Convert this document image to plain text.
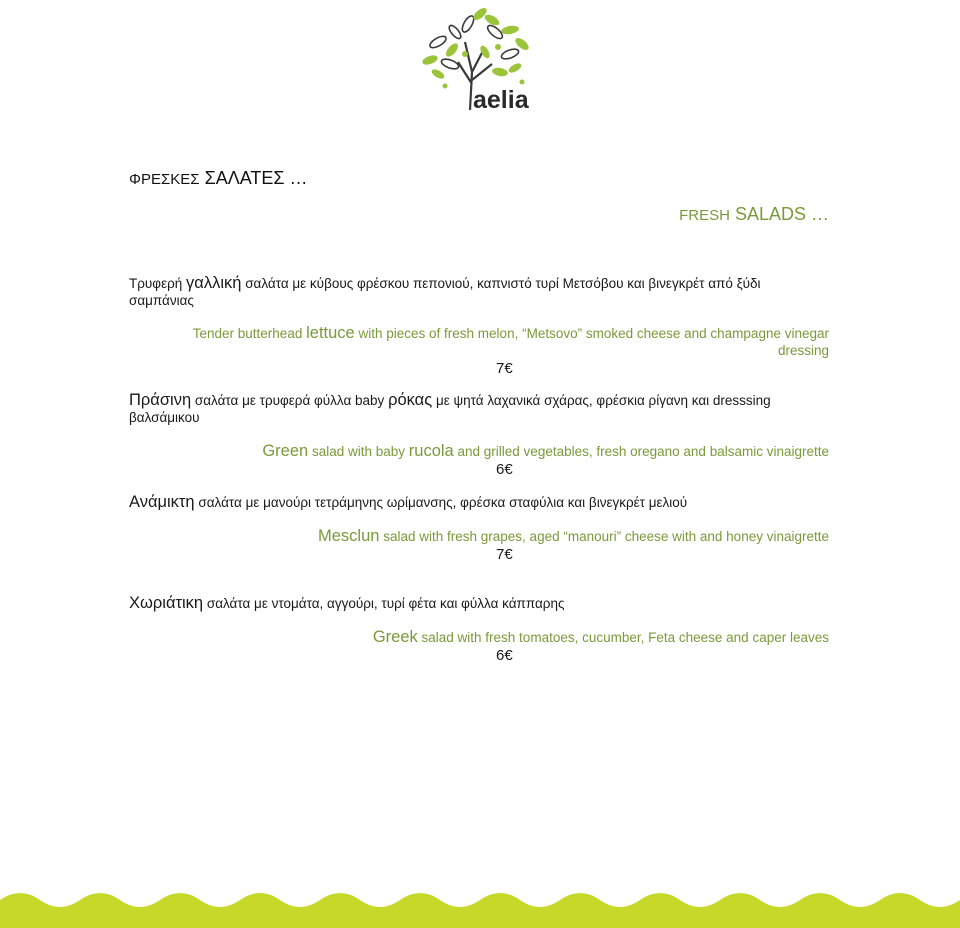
aelia
ΦΡΕΣΚΕΣ ΣΑΛΑΤΕΣ …
FRESH SALADS …
Τρυφερή γαλλική σαλάτα με κύβους φρέσκου πεπονιού, καπνιστό τυρί Μετσόβου και βινεγκρέτ από ξύδι σαμπάνιας
Tender butterhead lettuce with pieces of fresh melon, “Metsovo” smoked cheese and champagne vinegar dressing
7€
Πράσινη σαλάτα με τρυφερά φύλλα baby ρόκας με ψητά λαχανικά σχάρας, φρέσκια ρίγανη και dresssing βαλσάμικου
Green salad with baby rucola and grilled vegetables, fresh oregano and balsamic vinaigrette
6€
Ανάμικτη σαλάτα με μανούρι τετράμηνης ωρίμανσης, φρέσκα σταφύλια και βινεγκρέτ μελιού
Mesclun salad with fresh grapes, aged “manouri” cheese with and honey vinaigrette
7€
Χωριάτικη σαλάτα με ντομάτα, αγγούρι, τυρί φέτα και φύλλα κάππαρης
Greek salad with fresh tomatoes, cucumber, Feta cheese and caper leaves
6€
